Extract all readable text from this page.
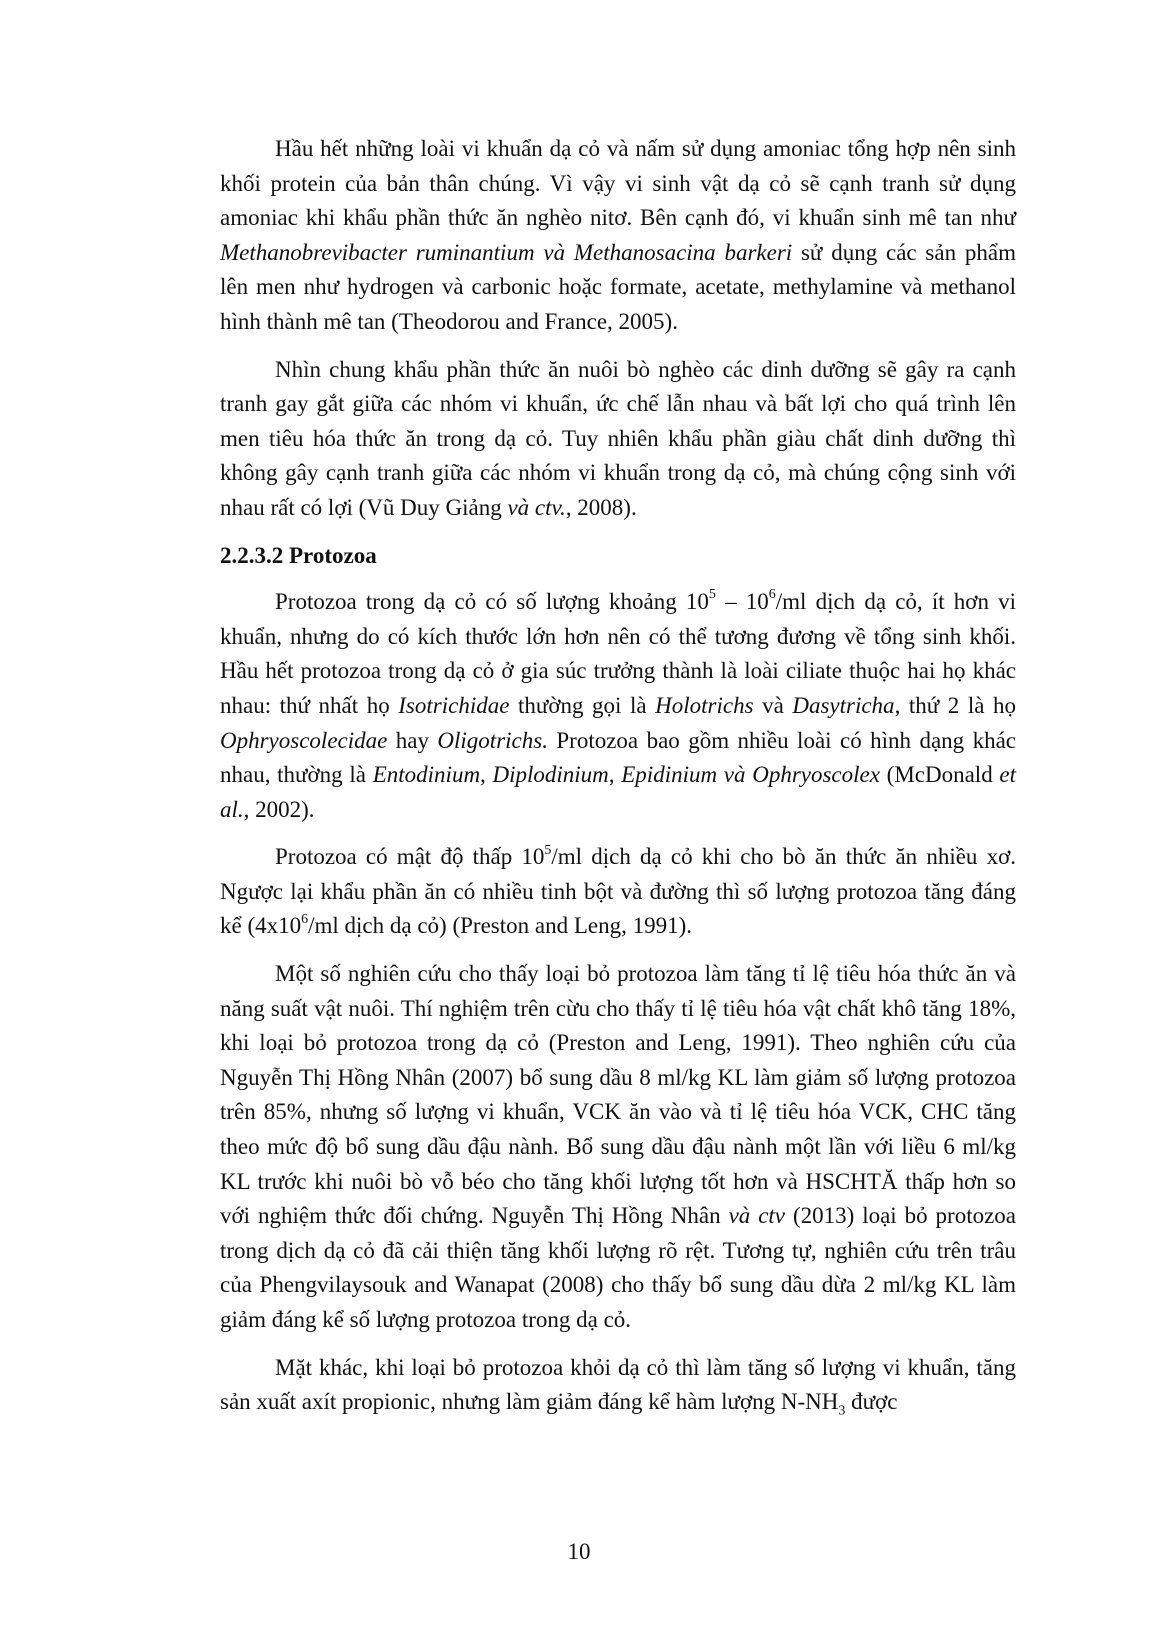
Hầu hết những loài vi khuẩn dạ cỏ và nấm sử dụng amoniac tổng hợp nên sinh khối protein của bản thân chúng. Vì vậy vi sinh vật dạ cỏ sẽ cạnh tranh sử dụng amoniac khi khẩu phần thức ăn nghèo nitơ. Bên cạnh đó, vi khuẩn sinh mê tan như Methanobrevibacter ruminantium và Methanosacina barkeri sử dụng các sản phẩm lên men như hydrogen và carbonic hoặc formate, acetate, methylamine và methanol hình thành mê tan (Theodorou and France, 2005).

Nhìn chung khẩu phần thức ăn nuôi bò nghèo các dinh dưỡng sẽ gây ra cạnh tranh gay gắt giữa các nhóm vi khuẩn, ức chế lẫn nhau và bất lợi cho quá trình lên men tiêu hóa thức ăn trong dạ cỏ. Tuy nhiên khẩu phần giàu chất dinh dưỡng thì không gây cạnh tranh giữa các nhóm vi khuẩn trong dạ cỏ, mà chúng cộng sinh với nhau rất có lợi (Vũ Duy Giảng và ctv., 2008).

2.2.3.2 Protozoa

Protozoa trong dạ cỏ có số lượng khoảng $10^5 - 10^6/ml$ dịch dạ cỏ, ít hơn vi khuẩn, nhưng do có kích thước lớn hơn nên có thể tương đương về tổng sinh khối. Hầu hết protozoa trong dạ cỏ ở gia súc trưởng thành là loài ciliate thuộc hai họ khác nhau: thứ nhất họ Isotrichidae thường gọi là Holotrichs và Dasytricha, thứ 2 là họ Ophryoscolecidae hay Oligotrichs. Protozoa bao gồm nhiều loài có hình dạng khác nhau, thường là Entodinium, Diplodinium, Epidinium và Ophryoscolex (McDonald et al., 2002).

Protozoa có mật độ thấp $10^5/ml$ dịch dạ cỏ khi cho bò ăn thức ăn nhiều xơ. Ngược lại khẩu phần ăn có nhiều tinh bột và đường thì số lượng protozoa tăng đáng kể ($4x10^6/ml$ dịch dạ cỏ) (Preston and Leng, 1991).

Một số nghiên cứu cho thấy loại bỏ protozoa làm tăng tỉ lệ tiêu hóa thức ăn và năng suất vật nuôi. Thí nghiệm trên cừu cho thấy tỉ lệ tiêu hóa vật chất khô tăng 18%, khi loại bỏ protozoa trong dạ cỏ (Preston and Leng, 1991). Theo nghiên cứu của Nguyễn Thị Hồng Nhân (2007) bổ sung dầu 8 ml/kg KL làm giảm số lượng protozoa trên 85%, nhưng số lượng vi khuẩn, VCK ăn vào và tỉ lệ tiêu hóa VCK, CHC tăng theo mức độ bổ sung dầu đậu nành. Bổ sung dầu đậu nành một lần với liều 6 ml/kg KL trước khi nuôi bò vỗ béo cho tăng khối lượng tốt hơn và HSCHTĂ thấp hơn so với nghiệm thức đối chứng. Nguyễn Thị Hồng Nhân và ctv (2013) loại bỏ protozoa trong dịch dạ cỏ đã cải thiện tăng khối lượng rõ rệt. Tương tự, nghiên cứu trên trâu của Phengvilaysouk and Wanapat (2008) cho thấy bổ sung dầu dừa 2 ml/kg KL làm giảm đáng kể số lượng protozoa trong dạ cỏ.

Mặt khác, khi loại bỏ protozoa khỏi dạ cỏ thì làm tăng số lượng vi khuẩn, tăng sản xuất axít propionic, nhưng làm giảm đáng kể hàm lượng $N-NH_3$ được

10
